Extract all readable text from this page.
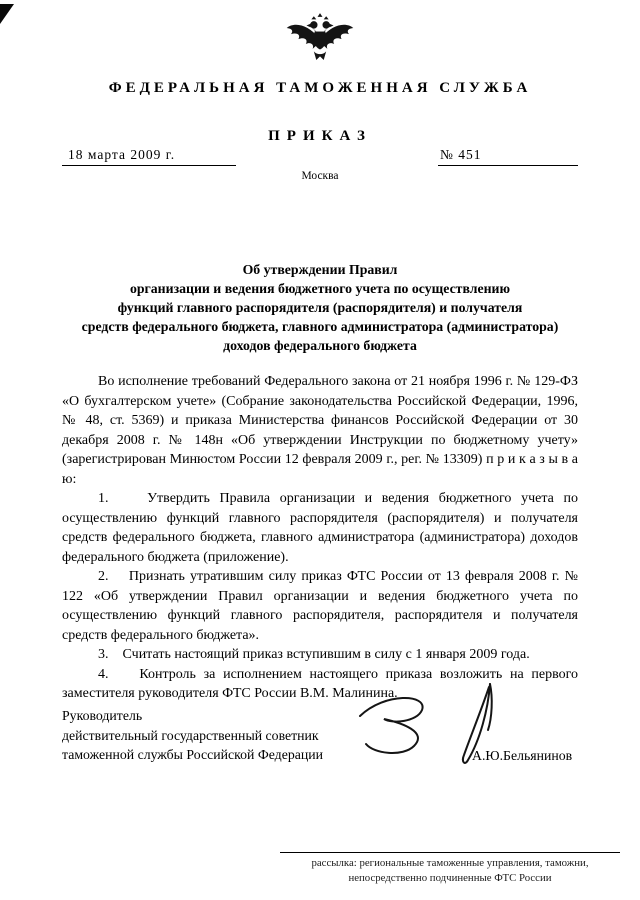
ФЕДЕРАЛЬНАЯ ТАМОЖЕННАЯ СЛУЖБА
ПРИКАЗ
18 марта 2009 г.	№ 451
Москва
Об утверждении Правил
организации и ведения бюджетного учета по осуществлению
функций главного распорядителя (распорядителя) и получателя
средств федерального бюджета, главного администратора (администратора)
доходов федерального бюджета

Во исполнение требований Федерального закона от 21 ноября 1996 г. № 129-ФЗ «О бухгалтерском учете» (Собрание законодательства Российской Федерации, 1996, № 48, ст. 5369) и приказа Министерства финансов Российской Федерации от 30 декабря 2008 г. № 148н «Об утверждении Инструкции по бюджетному учету» (зарегистрирован Минюстом России 12 февраля 2009 г., рег. № 13309) п р и к а з ы в а ю:

1.    Утвердить Правила организации и ведения бюджетного учета по осуществлению функций главного распорядителя (распорядителя) и получателя средств федерального бюджета, главного администратора (администратора) доходов федерального бюджета (приложение).

2.    Признать утратившим силу приказ ФТС России от 13 февраля 2008 г. № 122 «Об утверждении Правил организации и ведения бюджетного учета по осуществлению функций главного распорядителя, распорядителя и получателя средств федерального бюджета».

3.    Считать настоящий приказ вступившим в силу с 1 января 2009 года.

4.    Контроль за исполнением настоящего приказа возложить на первого заместителя руководителя ФТС России В.М. Малинина.

Руководитель
действительный государственный советник
таможенной службы Российской Федерации	А.Ю.Бельянинов
рассылка: региональные таможенные управления, таможни,
непосредственно подчиненные ФТС России
